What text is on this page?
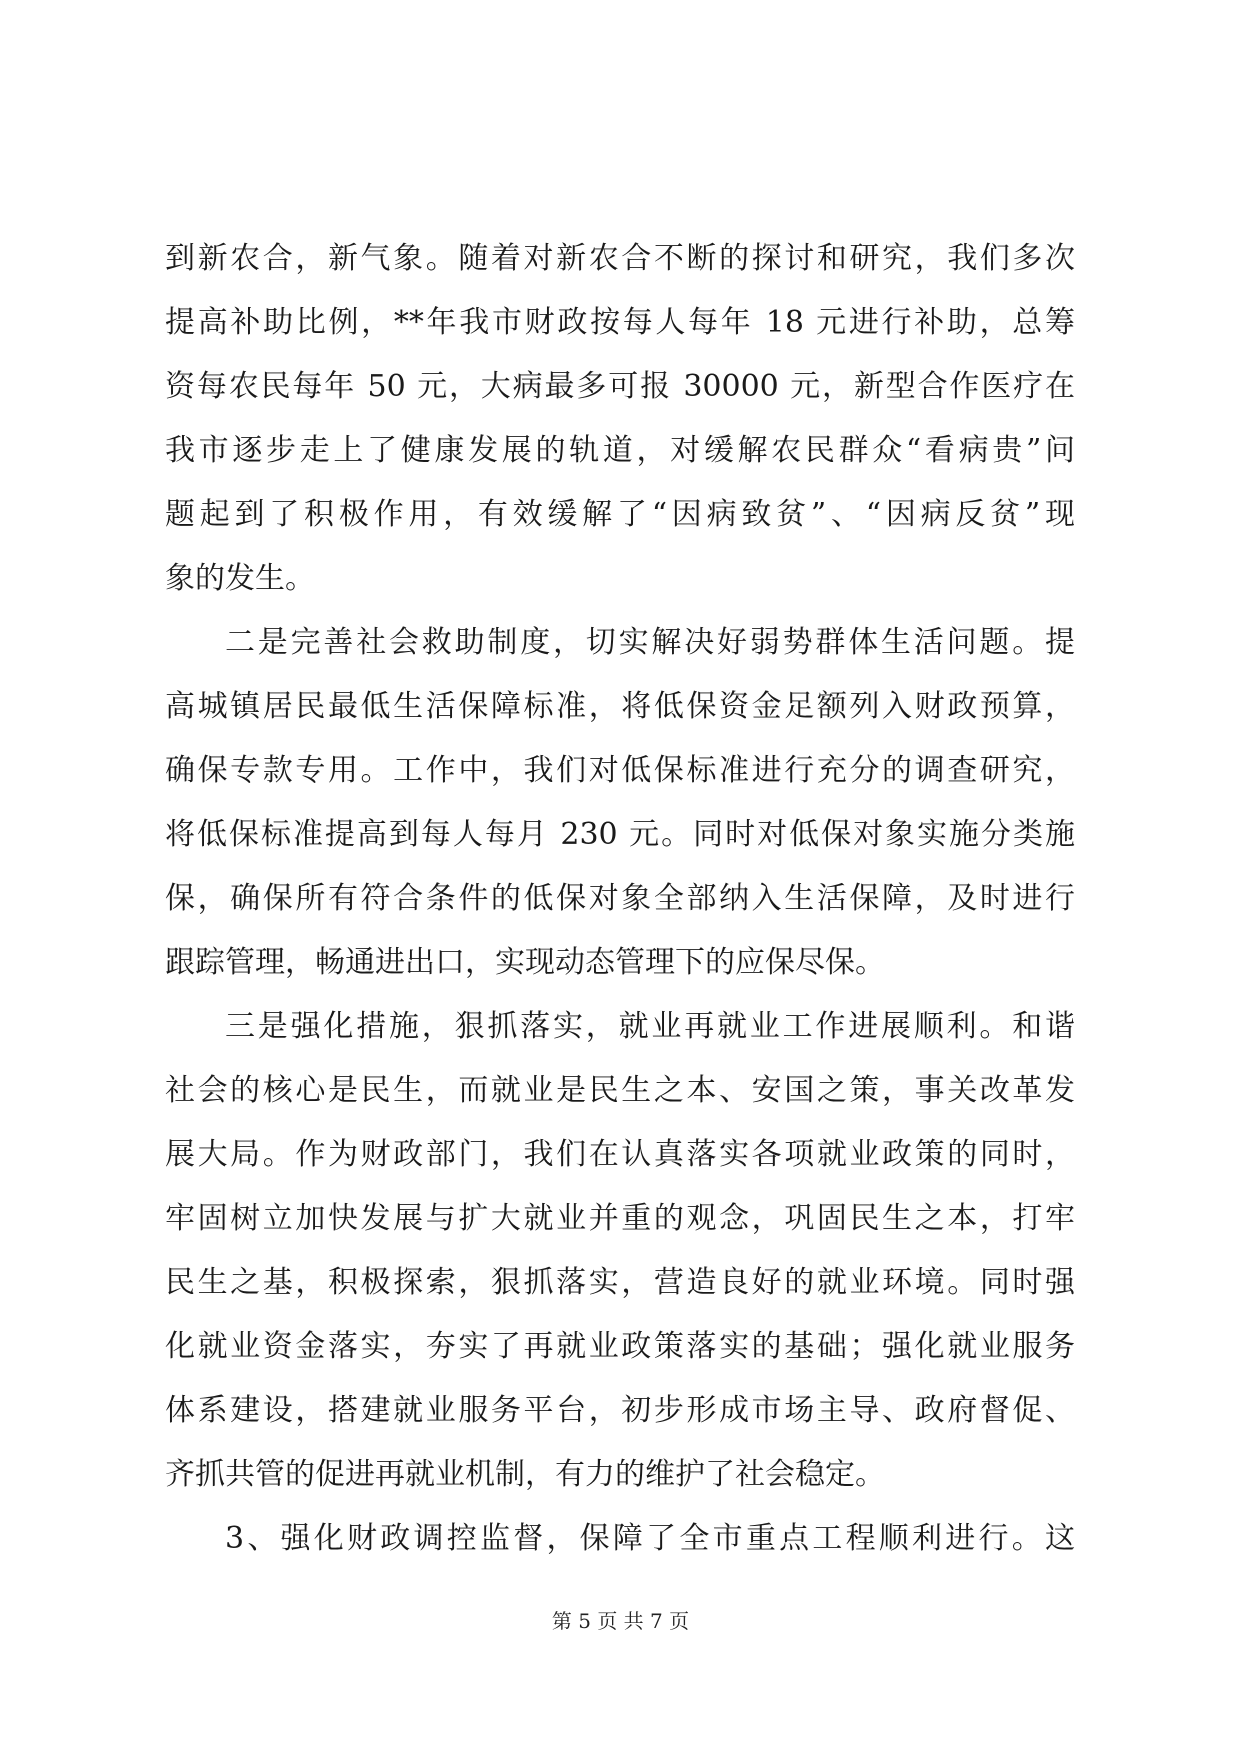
到新农合，新气象。随着对新农合不断的探讨和研究，我们多次
提高补助比例，**年我市财政按每人每年 18 元进行补助，总筹
资每农民每年 50 元，大病最多可报 30000 元，新型合作医疗在
我市逐步走上了健康发展的轨道，对缓解农民群众“看病贵”问
题起到了积极作用，有效缓解了“因病致贫”、“因病反贫”现
象的发生。
二是完善社会救助制度，切实解决好弱势群体生活问题。提
高城镇居民最低生活保障标准，将低保资金足额列入财政预算，
确保专款专用。工作中，我们对低保标准进行充分的调查研究，
将低保标准提高到每人每月 230 元。同时对低保对象实施分类施
保，确保所有符合条件的低保对象全部纳入生活保障，及时进行
跟踪管理，畅通进出口，实现动态管理下的应保尽保。
三是强化措施，狠抓落实，就业再就业工作进展顺利。和谐
社会的核心是民生，而就业是民生之本、安国之策，事关改革发
展大局。作为财政部门，我们在认真落实各项就业政策的同时，
牢固树立加快发展与扩大就业并重的观念，巩固民生之本，打牢
民生之基，积极探索，狠抓落实，营造良好的就业环境。同时强
化就业资金落实，夯实了再就业政策落实的基础；强化就业服务
体系建设，搭建就业服务平台，初步形成市场主导、政府督促、
齐抓共管的促进再就业机制，有力的维护了社会稳定。
3、强化财政调控监督，保障了全市重点工程顺利进行。这
第 5 页 共 7 页
